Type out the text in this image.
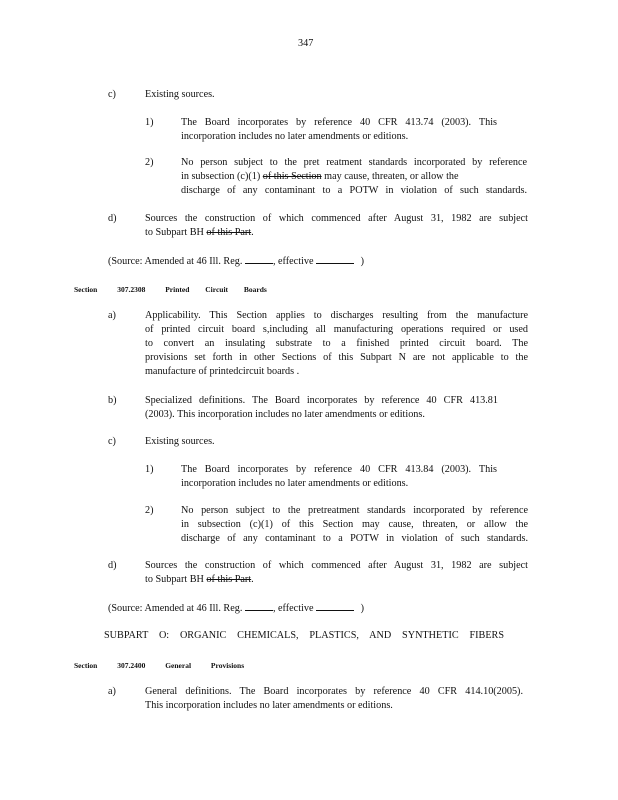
347
c)	Existing sources.
1)	The Board incorporates by reference 40 CFR 413.74 (2003). This
incorporation includes no later amendments or editions.
2)	No person subject to the pret reatment standards incorporated by reference
in subsection (c)(1) of this Section may cause, threaten, or allow the
discharge of any contaminant to a POTW in violation of such standards.
d)	Sources the construction of which commenced after August 31, 1982 are subject
to Subpart BH of this Part.
(Source: Amended at 46 Ill. Reg.	, effective	)
Section	307.2308	Printed Circuit Boards
a)	Applicability. This Section applies to discharges resulting from the manufacture
of printed circuit board s,including all manufacturing operations required or used
to convert an insulating substrate to a finished printed circuit board. The
provisions set forth in other Sections of this Subpart N are not applicable to the
manufacture of printedcircuit boards .
b)	Specialized definitions. The Board incorporates by reference 40 CFR 413.81
(2003). This incorporation includes no later amendments or editions.
c)	Existing sources.
1)	The Board incorporates by reference 40 CFR 413.84 (2003). This
incorporation includes no later amendments or editions.
2)	No person subject to the pretreatment standards incorporated by reference
in subsection (c)(1) of this Section may cause, threaten, or allow the
discharge of any contaminant to a POTW in violation of such standards.
d)	Sources the construction of which commenced after August 31, 1982 are subject
to Subpart BH of this Part.
(Source: Amended at 46 Ill. Reg.	, effective	)
SUBPART O: ORGANIC CHEMICALS, PLASTICS, AND SYNTHETIC FIBERS
Section	307.2400	General	Provisions
a)	General definitions. The Board incorporates by reference 40 CFR 414.10(2005).
This incorporation includes no later amendments or editions.
